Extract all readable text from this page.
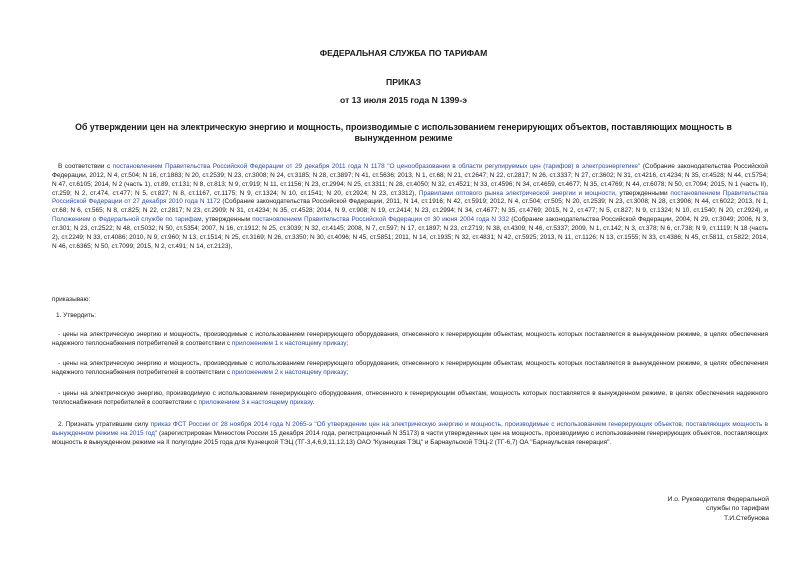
ФЕДЕРАЛЬНАЯ СЛУЖБА ПО ТАРИФАМ
ПРИКАЗ
от 13 июля 2015 года N 1399-э
Об утверждении цен на электрическую энергию и мощность, производимые с использованием генерирующих объектов, поставляющих мощность в вынужденном режиме
В соответствии с постановлением Правительства Российской Федерации от 29 декабря 2011 года N 1178 "О ценообразовании в области регулируемых цен (тарифов) в электроэнергетике" (Собрание законодательства Российской Федерации, 2012, N 4, ст.504; N 16, ст.1883; N 20, ст.2539; N 23, ст.3008; N 24, ст.3185; N 28, ст.3897; N 41, ст.5636; 2013, N 1, ст.68; N 21, ст.2647; N 22, ст.2817; N 26, ст.3337; N 27, ст.3602; N 31, ст.4216, ст.4234; N 35, ст.4528; N 44, ст.5754; N 47, ст.6105; 2014, N 2 (часть 1), ст.89, ст.131; N 8, ст.813; N 9, ст.919; N 11, ст.1156; N 23, ст.2994; N 25, ст.3311; N 28, ст.4050; N 32, ст.4521; N 33, ст.4596; N 34, ст.4659, ст.4677; N 35, ст.4769; N 44, ст.6078; N 50, ст.7094; 2015, N 1 (часть II), ст.259; N 2, ст.474, ст.477; N 5, ст.827; N 8, ст.1167, ст.1175; N 9, ст.1324; N 10, ст.1541; N 20, ст.2924; N 23, ст.3312), Правилами оптового рынка электрической энергии и мощности, утвержденными постановлением Правительства Российской Федерации от 27 декабря 2010 года N 1172 (Собрание законодательства Российской Федерации, 2011, N 14, ст.1916; N 42, ст.5919; 2012, N 4, ст.504; ст.505; N 20, ст.2539; N 23, ст.3008; N 28, ст.3906; N 44, ст.6022; 2013, N 1, ст.68; N 6, ст.565; N 8, ст.825; N 22, ст.2817; N 23, ст.2909; N 31, ст.4234; N 35, ст.4528; 2014, N 9, ст.908; N 19, ст.2414; N 23, ст.2994; N 34, ст.4677; N 35, ст.4769; 2015, N 2, ст.477; N 5, ст.827; N 9, ст.1324; N 10, ст.1540; N 20, ст.2924), и Положением о Федеральной службе по тарифам, утвержденным постановлением Правительства Российской Федерации от 30 июня 2004 года N 332 (Собрание законодательства Российской Федерации, 2004, N 29, ст.3049; 2006, N 3, ст.301; N 23, ст.2522; N 48, ст.5032; N 50, ст.5354; 2007, N 16, ст.1912; N 25, ст.3039; N 32, ст.4145; 2008, N 7, ст.597; N 17, ст.1897; N 23, ст.2719; N 38, ст.4309; N 46, ст.5337; 2009, N 1, ст.142; N 3, ст.378; N 6, ст.738; N 9, ст.1119; N 18 (часть 2), ст.2249; N 33, ст.4086; 2010, N 9, ст.960; N 13, ст.1514; N 25, ст.3169; N 26, ст.3350; N 30, ст.4096; N 45, ст.5851; 2011, N 14, ст.1935; N 32, ст.4831; N 42, ст.5925; 2013, N 11, ст.1126; N 13, ст.1555; N 33, ст.4386; N 45, ст.5811, ст.5822; 2014, N 46, ст.6365; N 50, ст.7099; 2015, N 2, ст.491; N 14, ст.2123),
приказываю:
1. Утвердить:
- цены на электрическую энергию и мощность, производимые с использованием генерирующего оборудования, отнесенного к генерирующим объектам, мощность которых поставляется в вынужденном режиме, в целях обеспечения надежного теплоснабжения потребителей в соответствии с приложением 1 к настоящему приказу;
- цены на электрическую энергию и мощность, производимые с использованием генерирующего оборудования, отнесенного к генерирующим объектам, мощность которых поставляется в вынужденном режиме, в целях обеспечения надежного теплоснабжения потребителей в соответствии с приложением 2 к настоящему приказу;
- цены на электрическую энергию, производимую с использованием генерирующего оборудования, отнесенного к генерирующим объектам, мощность которых поставляется в вынужденном режиме, в целях обеспечения надежного теплоснабжения потребителей в соответствии с приложением 3 к настоящему приказу.
2. Признать утратившим силу приказ ФСТ России от 28 ноября 2014 года N 2065-э "Об утверждении цен на электрическую энергию и мощность, производимые с использованием генерирующих объектов, поставляющих мощность в вынужденном режиме на 2015 год" (зарегистрирован Минюстом России 15 декабря 2014 года, регистрационный N 35173) в части утвержденных цен на мощность, производимую с использованием генерирующих объектов, поставляющих мощность в вынужденном режиме на II полугодие 2015 года для Кузнецкой ТЭЦ (ТГ-3,4,6,9,11,12,13) ОАО "Кузнецкая ТЭЦ" и Барнаульской ТЭЦ-2 (ТГ-6,7) ОА "Барнаульская генерация".
И.о. Руководителя Федеральной
службы по тарифам
Т.И.Стебунова
